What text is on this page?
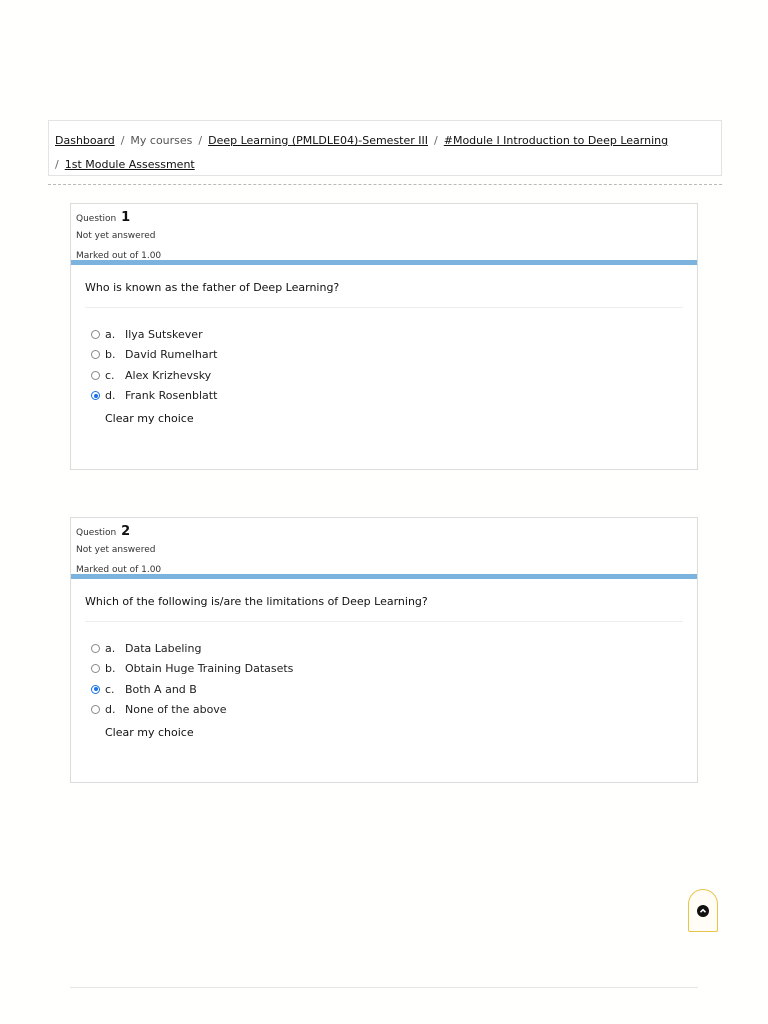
Dashboard / My courses / Deep Learning (PMLDLE04)-Semester III / #Module I Introduction to Deep Learning
/ 1st Module Assessment
Question 1
Not yet answered
Marked out of 1.00
Who is known as the father of Deep Learning?
a. Ilya Sutskever
b. David Rumelhart
c. Alex Krizhevsky
d. Frank Rosenblatt
Clear my choice
Question 2
Not yet answered
Marked out of 1.00
Which of the following is/are the limitations of Deep Learning?
a. Data Labeling
b. Obtain Huge Training Datasets
c. Both A and B
d. None of the above
Clear my choice
